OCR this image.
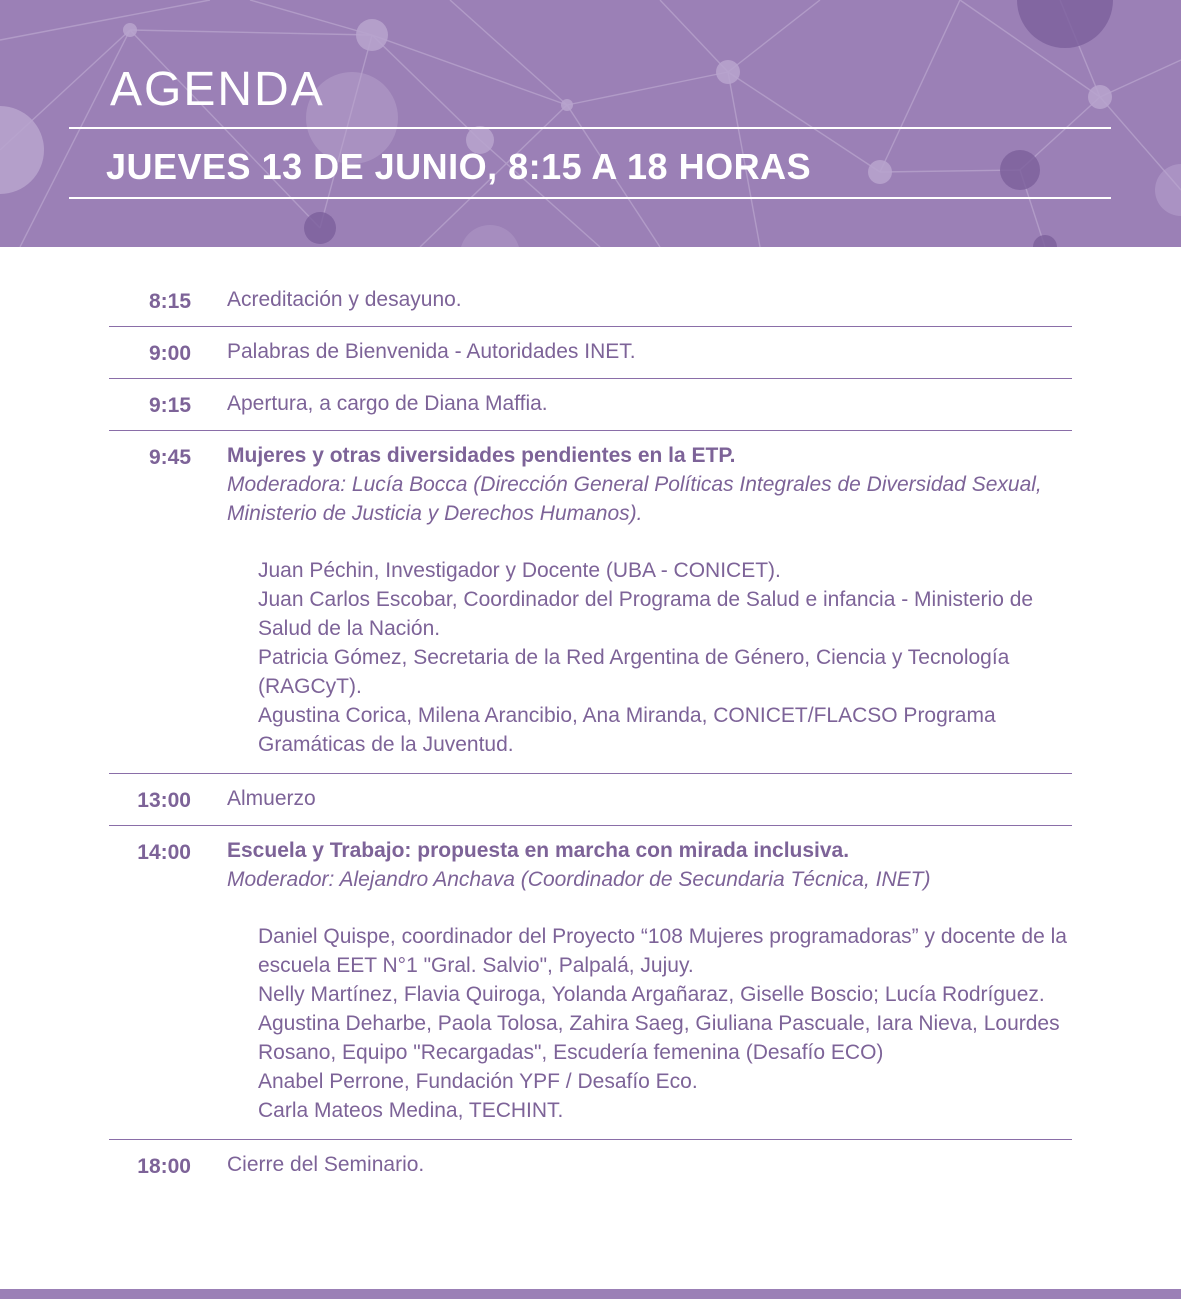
AGENDA
JUEVES 13 DE JUNIO, 8:15 A 18 HORAS
8:15 Acreditación y desayuno.
9:00 Palabras de Bienvenida - Autoridades INET.
9:15 Apertura, a cargo de Diana Maffia.
9:45 Mujeres y otras diversidades pendientes en la ETP.
Moderadora: Lucía Bocca (Dirección General Políticas Integrales de Diversidad Sexual, Ministerio de Justicia y Derechos Humanos).
Juan Péchin, Investigador y Docente (UBA - CONICET).
Juan Carlos Escobar, Coordinador del Programa de Salud e infancia - Ministerio de Salud de la Nación.
Patricia Gómez, Secretaria de la Red Argentina de Género, Ciencia y Tecnología (RAGCyT).
Agustina Corica, Milena Arancibio, Ana Miranda, CONICET/FLACSO Programa Gramáticas de la Juventud.
13:00 Almuerzo
14:00 Escuela y Trabajo: propuesta en marcha con mirada inclusiva.
Moderador: Alejandro Anchava (Coordinador de Secundaria Técnica, INET)
Daniel Quispe, coordinador del Proyecto “108 Mujeres programadoras” y docente de la escuela EET N°1 "Gral. Salvio", Palpalá, Jujuy.
Nelly Martínez, Flavia Quiroga, Yolanda Argañaraz, Giselle Boscio; Lucía Rodríguez. Agustina Deharbe, Paola Tolosa, Zahira Saeg, Giuliana Pascuale, Iara Nieva, Lourdes Rosano, Equipo "Recargadas", Escudería femenina (Desafío ECO)
Anabel Perrone, Fundación YPF / Desafío Eco.
Carla Mateos Medina, TECHINT.
18:00 Cierre del Seminario.
